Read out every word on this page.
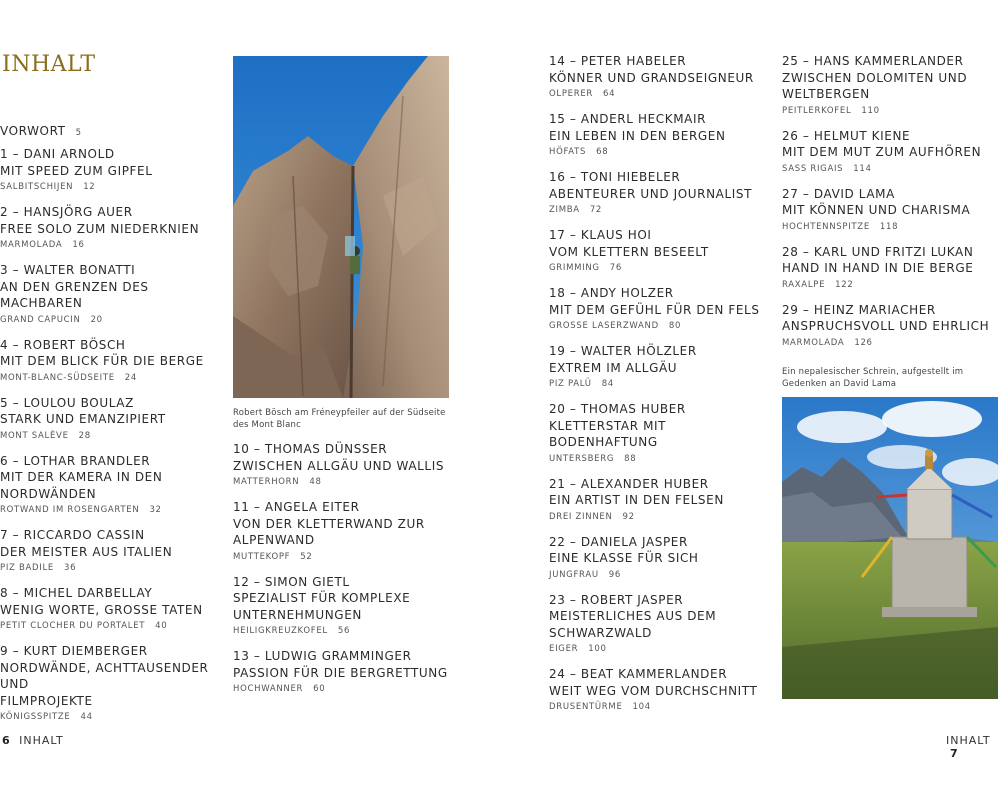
INHALT
VORWORT 5
1 – DANI ARNOLD
MIT SPEED ZUM GIPFEL
SALBITSCHIJEN 12
2 – HANSJÖRG AUER
FREE SOLO ZUM NIEDERKNIEN
MARMOLADA 16
3 – WALTER BONATTI
AN DEN GRENZEN DES MACHBAREN
GRAND CAPUCIN 20
4 – ROBERT BÖSCH
MIT DEM BLICK FÜR DIE BERGE
MONT-BLANC-SÜDSEITE 24
5 – LOULOU BOULAZ
STARK UND EMANZIPIERT
MONT SALÈVE 28
6 – LOTHAR BRANDLER
MIT DER KAMERA IN DEN
NORDWÄNDEN
ROTWAND IM ROSENGARTEN 32
7 – RICCARDO CASSIN
DER MEISTER AUS ITALIEN
PIZ BADILE 36
8 – MICHEL DARBELLAY
WENIG WORTE, GROSSE TATEN
PETIT CLOCHER DU PORTALET 40
9 – KURT DIEMBERGER
NORDWÄNDE, ACHTTAUSENDER UND
FILMPROJEKTE
KÖNIGSSPITZE 44
Robert Bösch am Fréneypfeiler auf der Südseite des Mont Blanc
10 – THOMAS DÜNSSER
ZWISCHEN ALLGÄU UND WALLIS
MATTERHORN 48
11 – ANGELA EITER
VON DER KLETTERWAND ZUR
ALPENWAND
MUTTEKOPF 52
12 – SIMON GIETL
SPEZIALIST FÜR KOMPLEXE
UNTERNEHMUNGEN
HEILIGKREUZKOFEL 56
13 – LUDWIG GRAMMINGER
PASSION FÜR DIE BERGRETTUNG
HOCHWANNER 60
14 – PETER HABELER
KÖNNER UND GRANDSEIGNEUR
OLPERER 64
15 – ANDERL HECKMAIR
EIN LEBEN IN DEN BERGEN
HÖFATS 68
16 – TONI HIEBELER
ABENTEURER UND JOURNALIST
ZIMBA 72
17 – KLAUS HOI
VOM KLETTERN BESEELT
GRIMMING 76
18 – ANDY HOLZER
MIT DEM GEFÜHL FÜR DEN FELS
GROSSE LASERZWAND 80
19 – WALTER HÖLZLER
EXTREM IM ALLGÄU
PIZ PALÜ 84
20 – THOMAS HUBER
KLETTERSTAR MIT BODENHAFTUNG
UNTERSBERG 88
21 – ALEXANDER HUBER
EIN ARTIST IN DEN FELSEN
DREI ZINNEN 92
22 – DANIELA JASPER
EINE KLASSE FÜR SICH
JUNGFRAU 96
23 – ROBERT JASPER
MEISTERLICHES AUS DEM
SCHWARZWALD
EIGER 100
24 – BEAT KAMMERLANDER
WEIT WEG VOM DURCHSCHNITT
DRUSENTÜRME 104
25 – HANS KAMMERLANDER
ZWISCHEN DOLOMITEN UND
WELTBERGEN
PEITLERKOFEL 110
26 – HELMUT KIENE
MIT DEM MUT ZUM AUFHÖREN
SASS RIGAIS 114
27 – DAVID LAMA
MIT KÖNNEN UND CHARISMA
HOCHTENNSPITZE 118
28 – KARL UND FRITZI LUKAN
HAND IN HAND IN DIE BERGE
RAXALPE 122
29 – HEINZ MARIACHER
ANSPRUCHSVOLL UND EHRLICH
MARMOLADA 126
Ein nepalesischer Schrein, aufgestellt im Gedenken an David Lama
6 INHALT	INHALT 7
